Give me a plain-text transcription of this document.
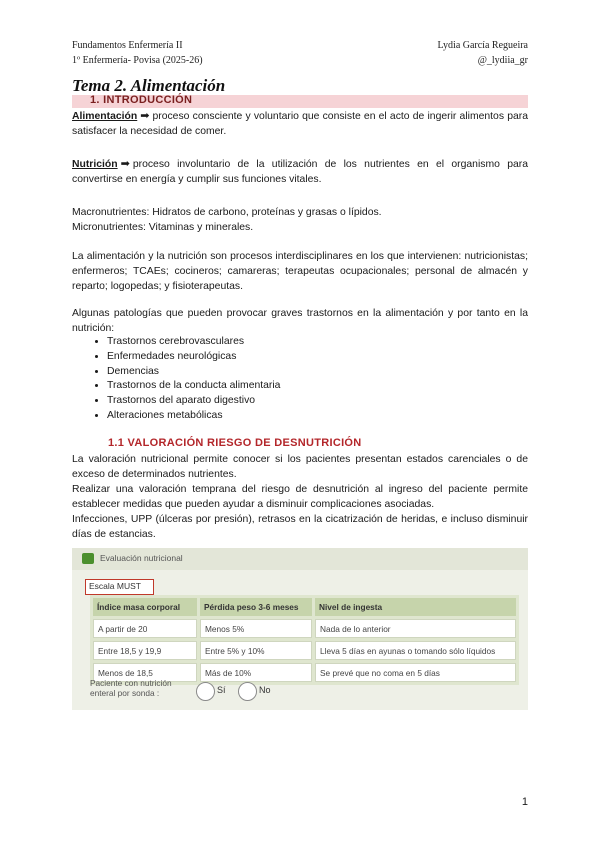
Fundamentos Enfermería II
1º Enfermería- Povisa (2025-26)
Lydia García Regueira
@_lydiia_gr
Tema 2. Alimentación
1. INTRODUCCIÓN
Alimentación ➡ proceso consciente y voluntario que consiste en el acto de ingerir alimentos para satisfacer la necesidad de comer.
Nutrición ➡ proceso involuntario de la utilización de los nutrientes en el organismo para convertirse en energía y cumplir sus funciones vitales.
Macronutrientes: Hidratos de carbono, proteínas y grasas o lípidos.
Micronutrientes: Vitaminas y minerales.
La alimentación y la nutrición son procesos interdisciplinares en los que intervienen: nutricionistas; enfermeros; TCAEs; cocineros; camareras; terapeutas ocupacionales; personal de almacén y reparto; logopedas; y fisioterapeutas.
Algunas patologías que pueden provocar graves trastornos en la alimentación y por tanto en la nutrición:
• Trastornos cerebrovasculares
• Enfermedades neurológicas
• Demencias
• Trastornos de la conducta alimentaria
• Trastornos del aparato digestivo
• Alteraciones metabólicas
1.1 VALORACIÓN RIESGO DE DESNUTRICIÓN
La valoración nutricional permite conocer si los pacientes presentan estados carenciales o de exceso de determinados nutrientes.
Realizar una valoración temprana del riesgo de desnutrición al ingreso del paciente permite establecer medidas que pueden ayudar a disminuir complicaciones asociadas.
Infecciones, UPP (úlceras por presión), retrasos en la cicatrización de heridas, e incluso disminuir días de estancias.
Evaluación nutricional
Escala MUST
Índice masa corporal	Pérdida peso 3-6 meses	Nivel de ingesta
A partir de 20	Menos 5%	Nada de lo anterior
Entre 18,5 y 19,9	Entre 5% y 10%	Lleva 5 días en ayunas o tomando sólo líquidos
Menos de 18,5	Más de 10%	Se prevé que no coma en 5 días
Paciente con nutrición
enteral por sonda :	Sí	No
1
